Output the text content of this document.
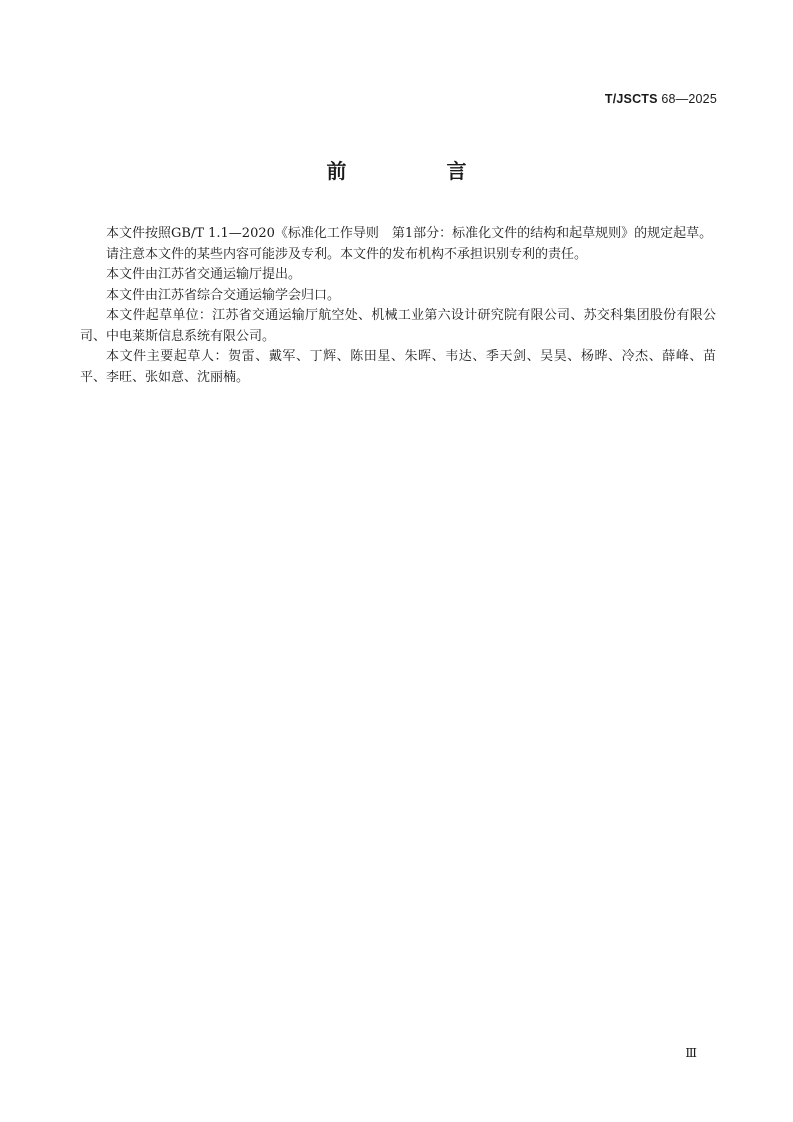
T/JSCTS 68—2025
前　言

本文件按照GB/T 1.1—2020《标准化工作导则　第1部分：标准化文件的结构和起草规则》的规定起草。

请注意本文件的某些内容可能涉及专利。本文件的发布机构不承担识别专利的责任。

本文件由江苏省交通运输厅提出。

本文件由江苏省综合交通运输学会归口。

本文件起草单位：江苏省交通运输厅航空处、机械工业第六设计研究院有限公司、苏交科集团股份有限公司、中电莱斯信息系统有限公司。

本文件主要起草人：贺雷、戴军、丁辉、陈田星、朱晖、韦达、季天剑、吴昊、杨晔、冷杰、薛峰、苗平、李旺、张如意、沈丽楠。

Ⅲ
